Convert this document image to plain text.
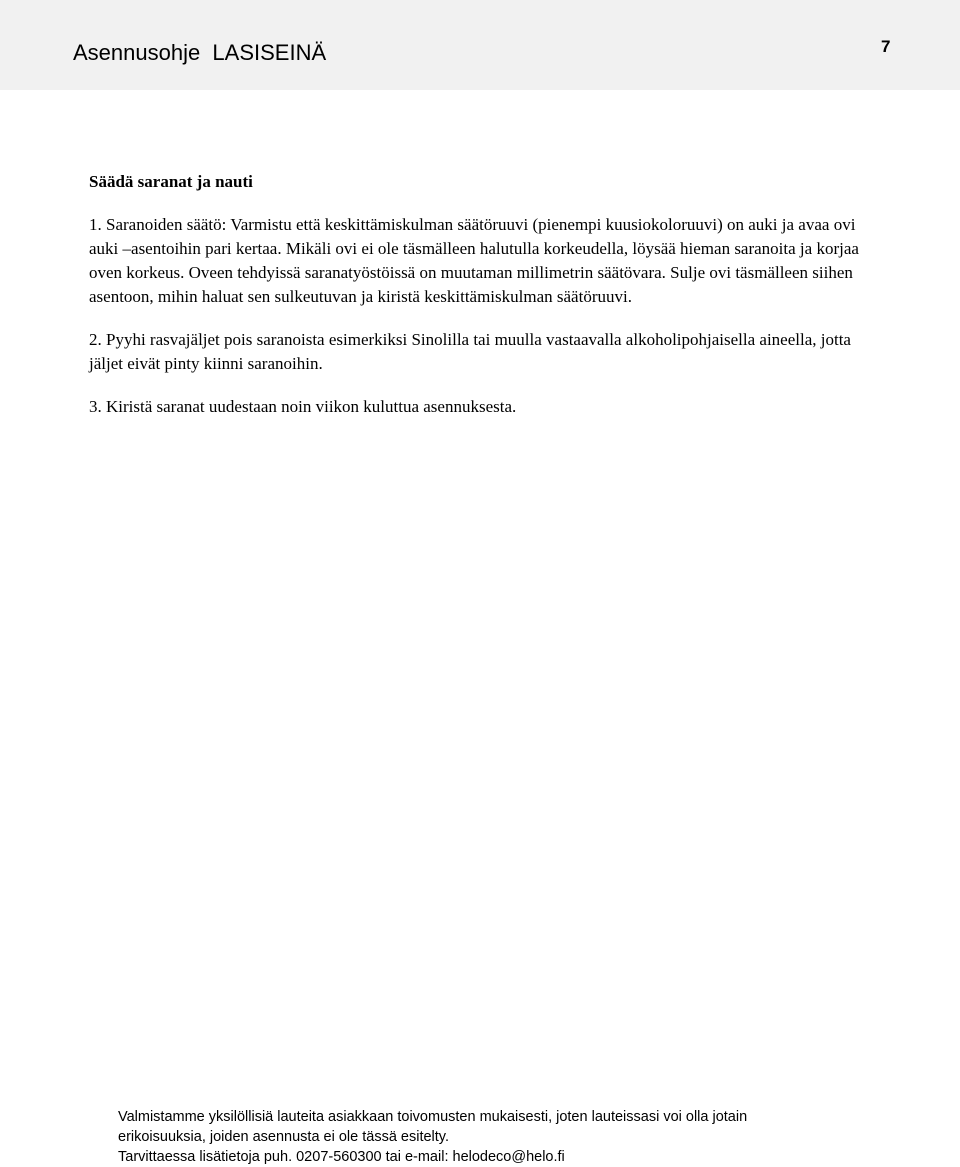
Asennusohje  LASISEINÄ	7

Säädä saranat ja nauti

1. Saranoiden säätö: Varmistu että keskittämiskulman säätöruuvi (pienempi kuusiokoloruuvi) on auki ja avaa ovi auki –asentoihin pari kertaa. Mikäli ovi ei ole täsmälleen halutulla korkeudella, löysää hieman saranoita ja korjaa oven korkeus. Oveen tehdyissä saranatyöstöissä on muutaman millimetrin säätövara. Sulje ovi täsmälleen siihen asentoon, mihin haluat sen sulkeutuvan ja kiristä keskittämiskulman säätöruuvi.

2. Pyyhi rasvajäljet pois saranoista esimerkiksi Sinolilla tai muulla vastaavalla alkoholipohjaisella aineella, jotta jäljet eivät pinty kiinni saranoihin.

3. Kiristä saranat uudestaan noin viikon kuluttua asennuksesta.

Valmistamme yksilöllisiä lauteita asiakkaan toivomusten mukaisesti, joten lauteissasi voi olla jotain
erikoisuuksia, joiden asennusta ei ole tässä esitelty.
Tarvittaessa lisätietoja puh. 0207-560300 tai e-mail: helodeco@helo.fi
